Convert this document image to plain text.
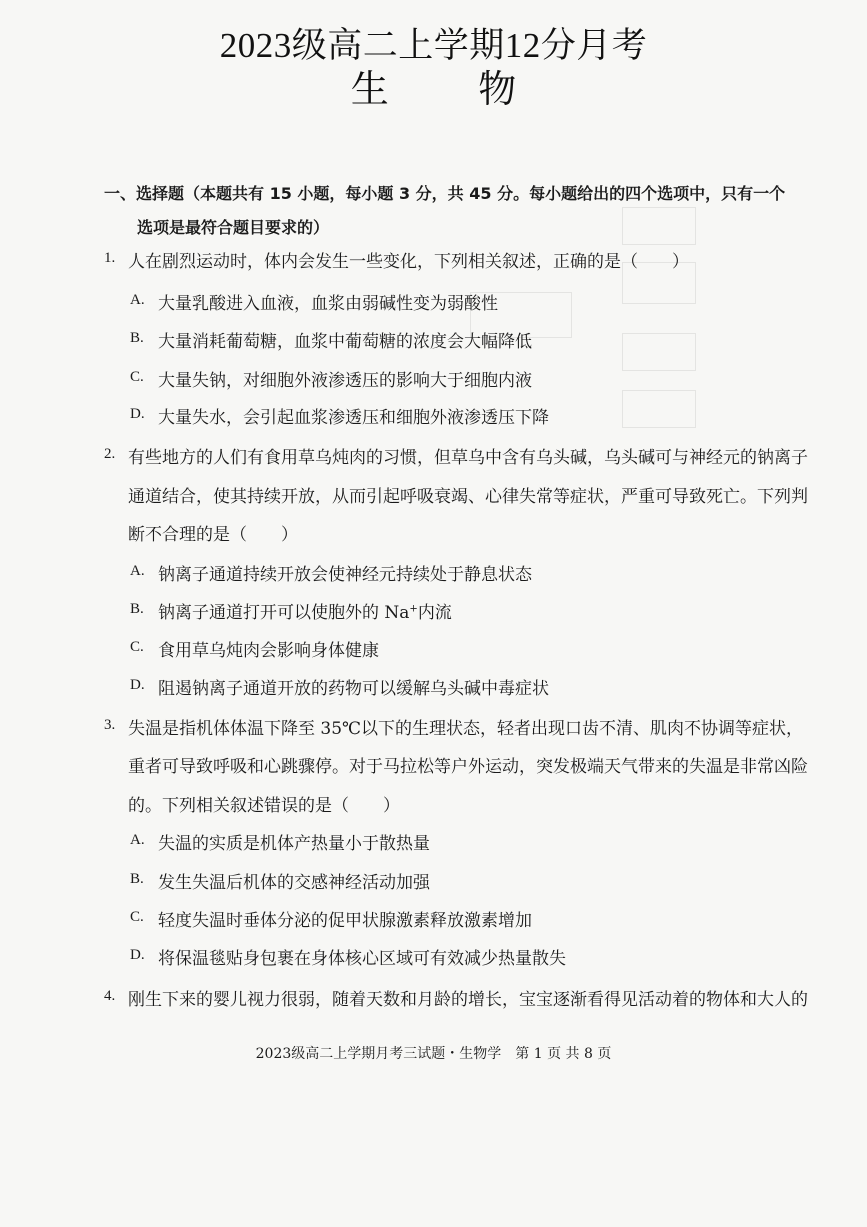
2023级高二上学期12分月考
生 物
一、选择题（本题共有 15 小题，每小题 3 分，共 45 分。每小题给出的四个选项中，只有一个
选项是最符合题目要求的）
1. 人在剧烈运动时，体内会发生一些变化，下列相关叙述，正确的是（　　）
A. 大量乳酸进入血液，血浆由弱碱性变为弱酸性
B. 大量消耗葡萄糖，血浆中葡萄糖的浓度会大幅降低
C. 大量失钠，对细胞外液渗透压的影响大于细胞内液
D. 大量失水，会引起血浆渗透压和细胞外液渗透压下降
2. 有些地方的人们有食用草乌炖肉的习惯，但草乌中含有乌头碱，乌头碱可与神经元的钠离子
通道结合，使其持续开放，从而引起呼吸衰竭、心律失常等症状，严重可导致死亡。下列判
断不合理的是（　　）
A. 钠离子通道持续开放会使神经元持续处于静息状态
B. 钠离子通道打开可以使胞外的 Na+内流
C. 食用草乌炖肉会影响身体健康
D. 阻遏钠离子通道开放的药物可以缓解乌头碱中毒症状
3. 失温是指机体体温下降至 35℃以下的生理状态，轻者出现口齿不清、肌肉不协调等症状，
重者可导致呼吸和心跳骤停。对于马拉松等户外运动，突发极端天气带来的失温是非常凶险
的。下列相关叙述错误的是（　　）
A. 失温的实质是机体产热量小于散热量
B. 发生失温后机体的交感神经活动加强
C. 轻度失温时垂体分泌的促甲状腺激素释放激素增加
D. 将保温毯贴身包裹在身体核心区域可有效减少热量散失
4. 刚生下来的婴儿视力很弱，随着天数和月龄的增长，宝宝逐渐看得见活动着的物体和大人的
2023级高二上学期月考三试题・生物学　第 1 页 共 8 页
